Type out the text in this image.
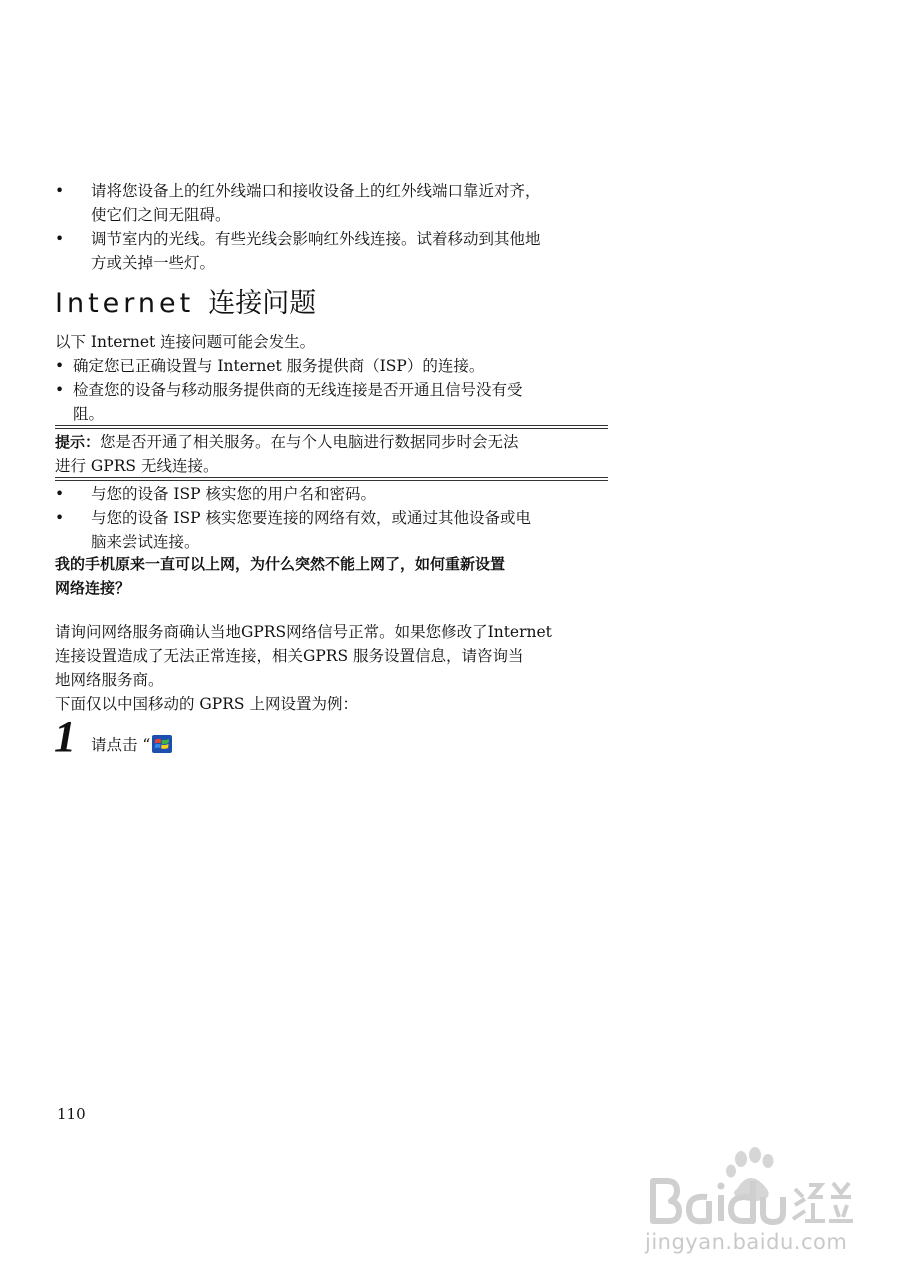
• 请将您设备上的红外线端口和接收设备上的红外线端口靠近对齐，
使它们之间无阻碍。
• 调节室内的光线。有些光线会影响红外线连接。试着移动到其他地
方或关掉一些灯。
Internet 连接问题
以下 Internet 连接问题可能会发生。
• 确定您已正确设置与 Internet 服务提供商（ISP）的连接。
• 检查您的设备与移动服务提供商的无线连接是否开通且信号没有受
阻。
提示：您是否开通了相关服务。在与个人电脑进行数据同步时会无法
进行 GPRS 无线连接。
• 与您的设备 ISP 核实您的用户名和密码。
• 与您的设备 ISP 核实您要连接的网络有效，或通过其他设备或电
脑来尝试连接。
我的手机原来一直可以上网，为什么突然不能上网了，如何重新设置
网络连接？
请询问网络服务商确认当地GPRS网络信号正常。如果您修改了Internet
连接设置造成了无法正常连接，相关GPRS 服务设置信息，请咨询当
地网络服务商。
下面仅以中国移动的 GPRS 上网设置为例：
1 请点击 “
110
jingyan.baidu.com
